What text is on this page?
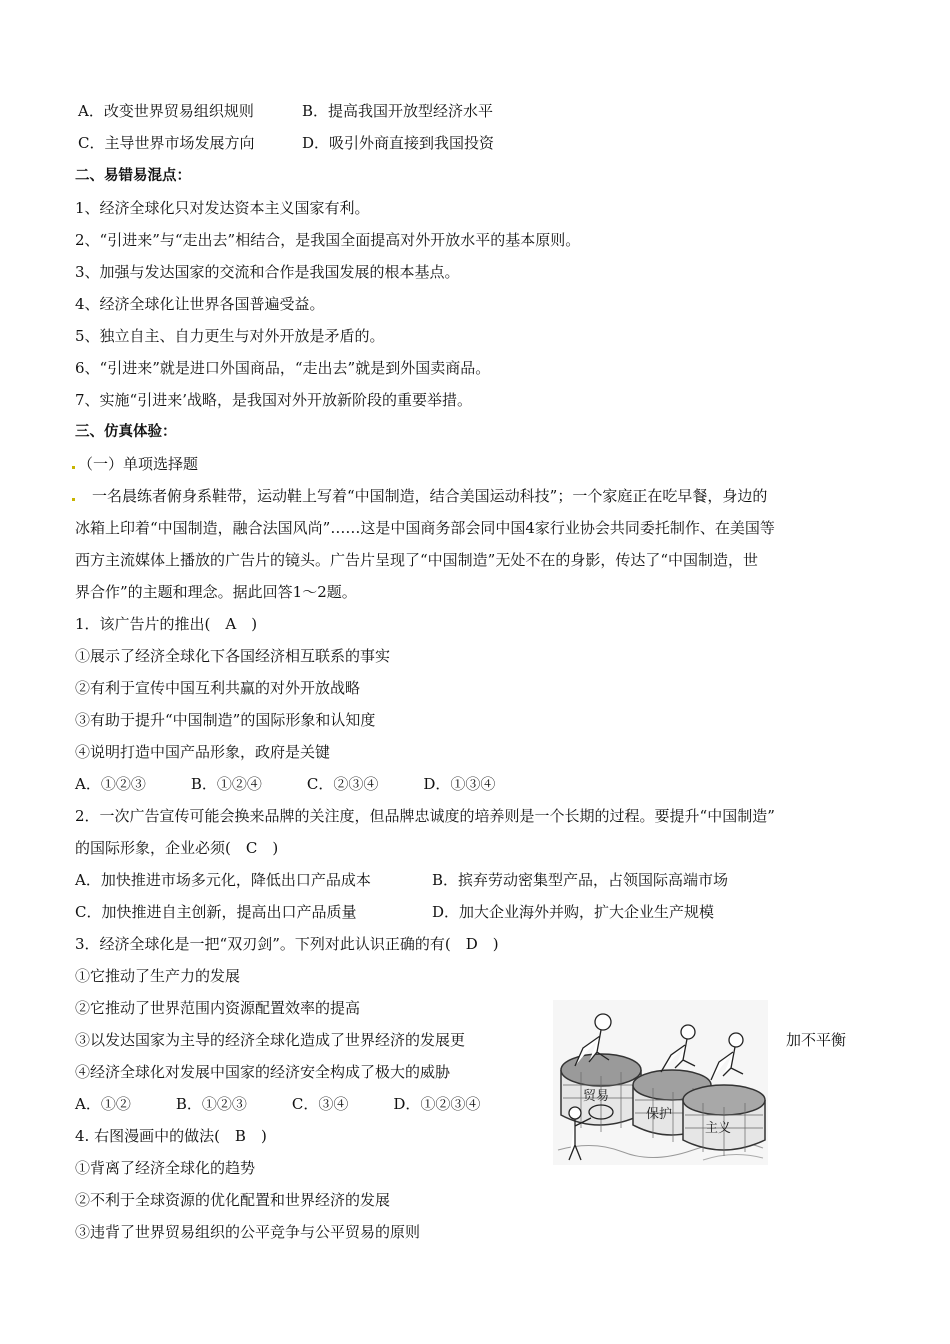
A．改变世界贸易组织规则	B．提高我国开放型经济水平
C．主导世界市场发展方向	D．吸引外商直接到我国投资
二、易错易混点：
1、经济全球化只对发达资本主义国家有利。
2、“引进来”与“走出去”相结合，是我国全面提高对外开放水平的基本原则。
3、加强与发达国家的交流和合作是我国发展的根本基点。
4、经济全球化让世界各国普遍受益。
5、独立自主、自力更生与对外开放是矛盾的。
6、“引进来”就是进口外国商品，“走出去”就是到外国卖商品。
7、实施“引进来’战略，是我国对外开放新阶段的重要举措。
三、仿真体验：
（一）单项选择题
一名晨练者俯身系鞋带，运动鞋上写着“中国制造，结合美国运动科技”；一个家庭正在吃早餐，身边的
冰箱上印着“中国制造，融合法国风尚”……这是中国商务部会同中国4家行业协会共同委托制作、在美国等
西方主流媒体上播放的广告片的镜头。广告片呈现了“中国制造”无处不在的身影，传达了“中国制造，世
界合作”的主题和理念。据此回答1～2题。
1．该广告片的推出(　A　)
①展示了经济全球化下各国经济相互联系的事实
②有利于宣传中国互利共赢的对外开放战略
③有助于提升“中国制造”的国际形象和认知度
④说明打造中国产品形象，政府是关键
A．①②③　　　B．①②④　　　C．②③④　　　D．①③④
2．一次广告宣传可能会换来品牌的关注度，但品牌忠诚度的培养则是一个长期的过程。要提升“中国制造”
的国际形象，企业必须(　C　)
A．加快推进市场多元化，降低出口产品成本	B．摈弃劳动密集型产品，占领国际高端市场
C．加快推进自主创新，提高出口产品质量	D．加大企业海外并购，扩大企业生产规模
3．经济全球化是一把“双刃剑”。下列对此认识正确的有(　D　)
①它推动了生产力的发展
②它推动了世界范围内资源配置效率的提高
③以发达国家为主导的经济全球化造成了世界经济的发展更	加不平衡
④经济全球化对发展中国家的经济安全构成了极大的威胁
A．①②　　　B．①②③　　　C．③④　　　D．①②③④
4. 右图漫画中的做法(　B　)
①背离了经济全球化的趋势
②不利于全球资源的优化配置和世界经济的发展
③违背了世界贸易组织的公平竞争与公平贸易的原则
贸易
保护
主义
